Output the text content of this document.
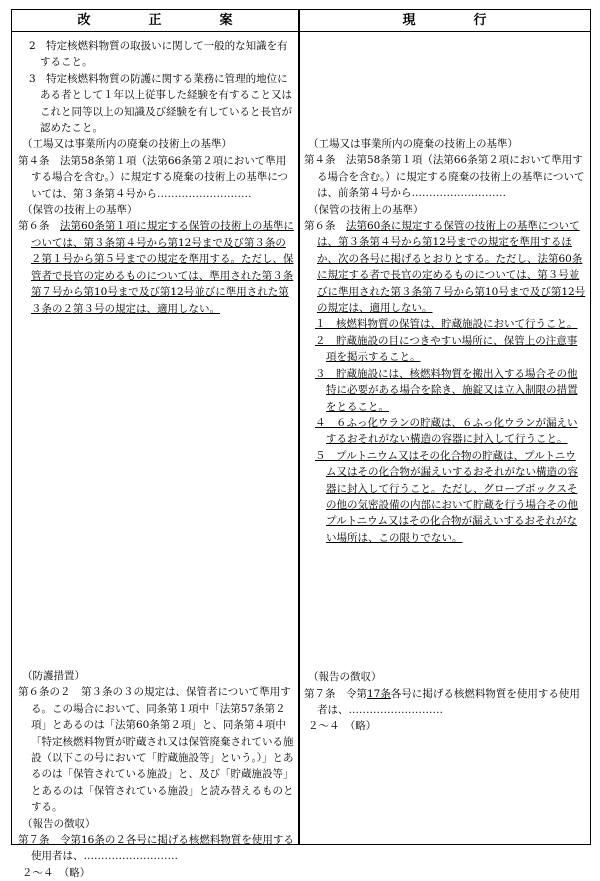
改正案	現行

2　特定核燃料物質の取扱いに関して一般的な知識を有すること。

3　特定核燃料物質の防護に関する業務に管理的地位にある者として１年以上従事した経験を有すること又はこれと同等以上の知識及び経験を有していると長官が認めたこと。

（工場又は事業所内の廃棄の技術上の基準）

第４条　法第58条第１項（法第66条第２項において準用する場合を含む。）に規定する廃棄の技術上の基準については、第３条第４号から………………………

（保管の技術上の基準）

第６条　法第60条第１項に規定する保管の技術上の基準については、第３条第４号から第12号まで及び第３条の２第１号から第５号までの規定を準用する。ただし、保管者で長官の定めるものについては、準用された第３条第７号から第10号まで及び第12号並びに準用された第３条の２第３号の規定は、適用しない。

（防護措置）

第６条の２　第３条の３の規定は、保管者について準用する。この場合において、同条第１項中「法第57条第２項」とあるのは「法第60条第２項」と、同条第４項中「特定核燃料物質が貯蔵され又は保管廃棄されている施設（以下この号において「貯蔵施設等」という。）」とあるのは「保管されている施設」と、及び「貯蔵施設等」とあるのは「保管されている施設」と読み替えるものとする。

（報告の徴収）

第７条　令第16条の２各号に掲げる核燃料物質を使用する使用者は、………………………

２～４　（略）

（工場又は事業所内の廃棄の技術上の基準）

第４条　法第58条第１項（法第66条第２項において準用する場合を含む。）に規定する廃棄の技術上の基準については、前条第４号から………………………

（保管の技術上の基準）

第６条　法第60条に規定する保管の技術上の基準については、第３条第４号から第12号までの規定を準用するほか、次の各号に掲げるとおりとする。ただし、法第60条に規定する者で長官の定めるものについては、第３号並びに準用された第３条第７号から第10号まで及び第12号の規定は、適用しない。

１　核燃料物質の保管は、貯蔵施設において行うこと。

２　貯蔵施設の目につきやすい場所に、保管上の注意事項を掲示すること。

３　貯蔵施設には、核燃料物質を搬出入する場合その他特に必要がある場合を除き、施錠又は立入制限の措置をとること。

４　６ふっ化ウランの貯蔵は、６ふっ化ウランが漏えいするおそれがない構造の容器に封入して行うこと。

５　プルトニウム又はその化合物の貯蔵は、プルトニウム又はその化合物が漏えいするおそれがない構造の容器に封入して行うこと。ただし、グローブボックスその他の気密設備の内部において貯蔵を行う場合その他プルトニウム又はその化合物が漏えいするおそれがない場所は、この限りでない。

（報告の徴収）

第７条　令第17条各号に掲げる核燃料物質を使用する使用者は、………………………

２～４　（略）
